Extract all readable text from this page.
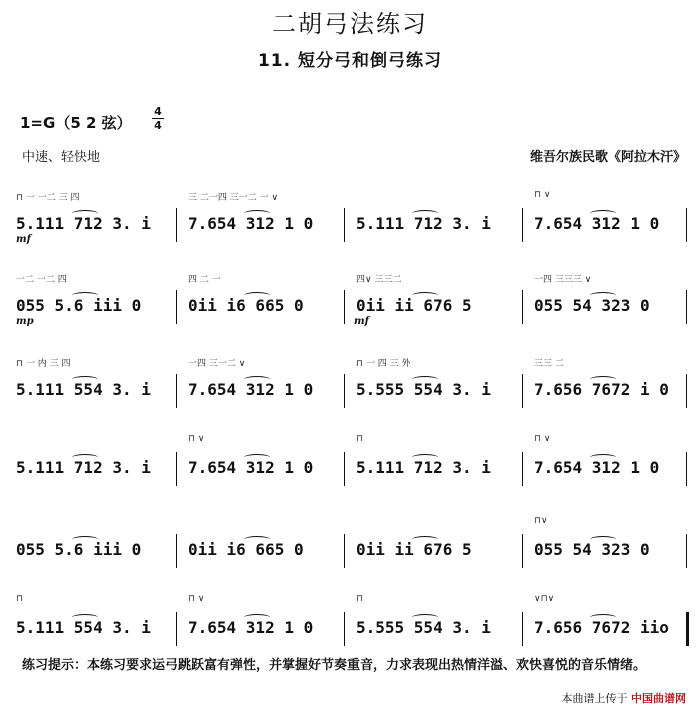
二胡弓法练习
11. 短分弓和倒弓练习
1=G（5 2 弦）
4
4
中速、轻快地	维吾尔族民歌《阿拉木汗》
⊓ 一 一二 三 四
5.111 712 3. i
三 二一四 三一二 一 ∨
7.654 312 1 0	5.111 712 3. i
⊓ ∨
7.654 312 1 0
mf
一二 一二 四
055 5.6 iii 0
四 二 一
0ii i6 665 0
四∨ 三三二
0ii ii 676 5
一四 三三三 ∨
055 54 323 0
mp	mf
⊓ 一 内 三 四
5.111 554 3. i
一四 三一二 ∨
7.654 312 1 0
⊓ 一 四 三 外
5.555 554 3. i
三三 二
7.656 7672 i 0
5.111 712 3. i
⊓ ∨
7.654 312 1 0
⊓
5.111 712 3. i
⊓ ∨
7.654 312 1 0
055 5.6 iii 0	0ii i6 665 0	0ii ii 676 5
⊓∨
055 54 323 0
⊓
5.111 554 3. i
⊓ ∨
7.654 312 1 0
⊓
5.555 554 3. i
∨⊓∨
7.656 7672 iio
练习提示：本练习要求运弓跳跃富有弹性，并掌握好节奏重音，力求表现出热情洋溢、欢快喜悦的音乐情绪。
本曲谱上传于 中国曲谱网
